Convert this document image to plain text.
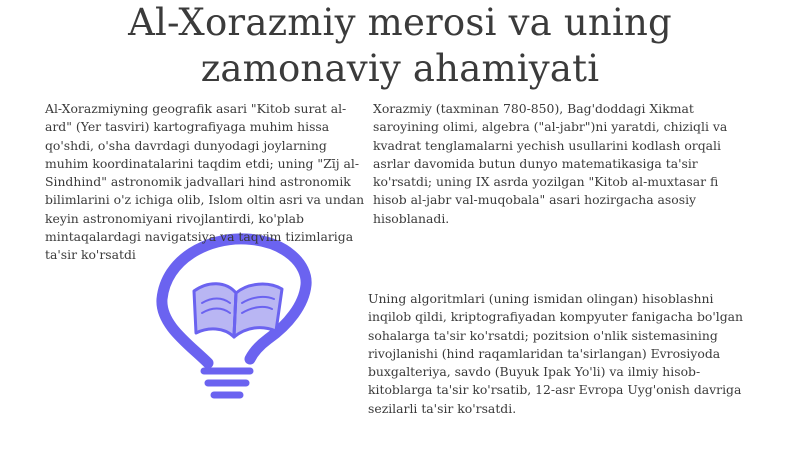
Al-Xorazmiy merosi va uning
zamonaviy ahamiyati

Al-Xorazmiyning geografik asari "Kitob surat al-ard" (Yer tasviri) kartografiyaga muhim hissa qo'shdi, o'sha davrdagi dunyodagi joylarning muhim koordinatalarini taqdim etdi; uning "Zīj al-Sindhind" astronomik jadvallari hind astronomik bilimlarini o'z ichiga olib, Islom oltin asri va undan keyin astronomiyani rivojlantirdi, ko'plab mintaqalardagi navigatsiya va taqvim tizimlariga ta'sir ko'rsatdi

Xorazmiy (taxminan 780-850), Bag'doddagi Xikmat saroyining olimi, algebra ("al-jabr")ni yaratdi, chiziqli va kvadrat tenglamalarni yechish usullarini kodlash orqali asrlar davomida butun dunyo matematikasiga ta'sir ko'rsatdi; uning IX asrda yozilgan "Kitob al-muxtasar fi hisob al-jabr val-muqobala" asari hozirgacha asosiy hisoblanadi.

Uning algoritmlari (uning ismidan olingan) hisoblashni inqilob qildi, kriptografiyadan kompyuter fanigacha bo'lgan sohalarga ta'sir ko'rsatdi; pozitsion o'nlik sistemasining rivojlanishi (hind raqamlaridan ta'sirlangan) Evrosiyoda buxgalteriya, savdo (Buyuk Ipak Yo'li) va ilmiy hisob-kitoblarga ta'sir ko'rsatib, 12-asr Evropa Uyg'onish davriga sezilarli ta'sir ko'rsatdi.
